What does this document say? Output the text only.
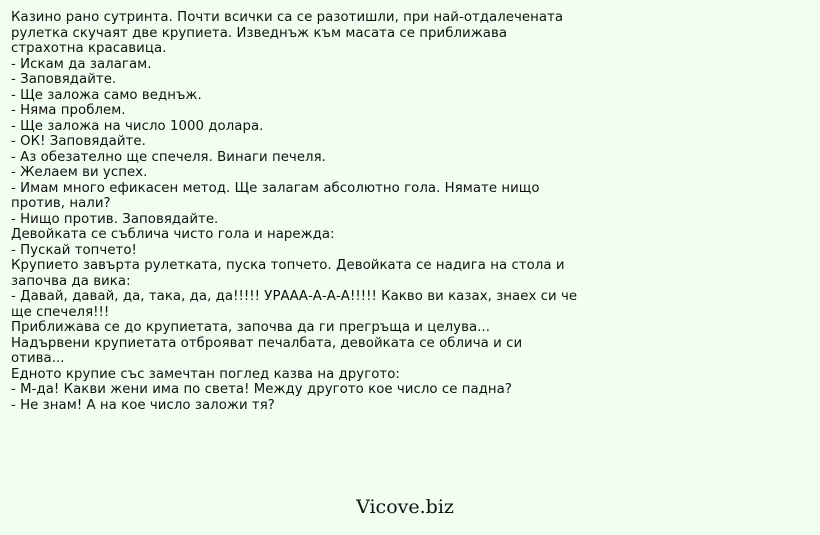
Казино рано сутринта. Почти всички са се разотишли, при най-отдалечената рулетка скучаят две крупиета. Изведнъж към масата се приближава страхотна красавица.
- Искам да залагам.
- Заповядайте.
- Ще заложа само веднъж.
- Няма проблем.
- Ще заложа на число 1000 долара.
- ОК! Заповядайте.
- Аз обезателно ще спечеля. Винаги печеля.
- Желаем ви успех.
- Имам много ефикасен метод. Ще залагам абсолютно гола. Нямате нищо против, нали?
- Нищо против. Заповядайте.
Девойката се съблича чисто гола и нарежда:
- Пускай топчето!
Крупието завърта рулетката, пуска топчето. Девойката се надига на стола и започва да вика:
- Давай, давай, да, така, да, да!!!!! УРААА-А-А-А!!!!! Какво ви казах, знаех си че ще спечеля!!!
Приближава се до крупиетата, започва да ги прегръща и целува...
Надървени крупиетата отброяват печалбата, девойката се облича и си отива...
Едното крупие със замечтан поглед казва на другото:
- М-да! Какви жени има по света! Между другото кое число се падна?
- Не знам! А на кое число заложи тя?
Vicove.biz
